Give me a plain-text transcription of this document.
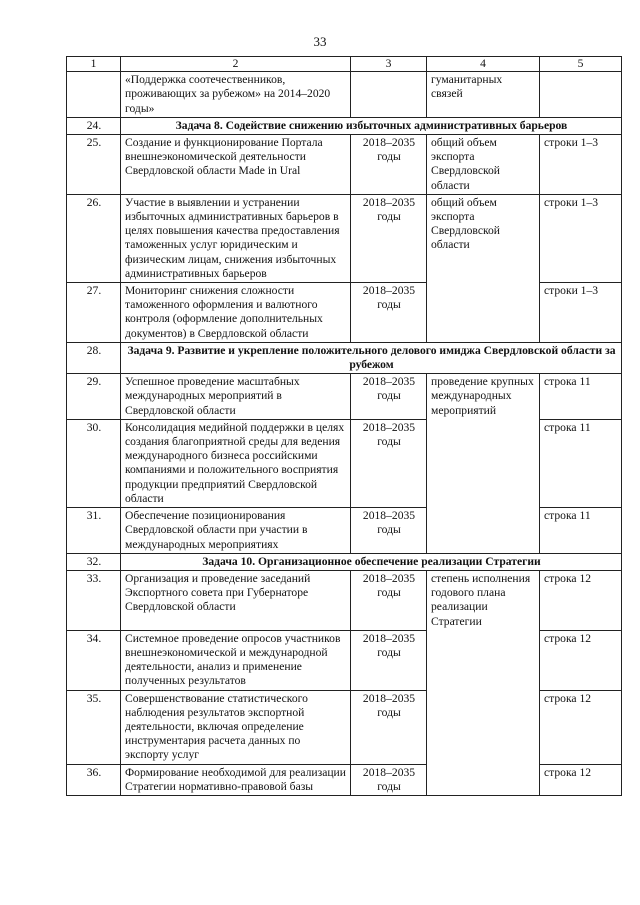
33
1	2	3	4	5
	«Поддержка соотечественников, проживающих за рубежом» на 2014–2020 годы»		гуманитарных связей	
24.	Задача 8. Содействие снижению избыточных административных барьеров			
25.	Создание и функционирование Портала внешнеэкономической деятельности Свердловской области Made in Ural	2018–2035 годы	общий объем экспорта Свердловской области	строки 1–3
26.	Участие в выявлении и устранении избыточных административных барьеров в целях повышения качества предоставления таможенных услуг юридическим и физическим лицам, снижения избыточных административных барьеров	2018–2035 годы	общий объем экспорта Свердловской области	строки 1–3
27.	Мониторинг снижения сложности таможенного оформления и валютного контроля (оформление дополнительных документов) в Свердловской области	2018–2035 годы		строки 1–3
28.	Задача 9. Развитие и укрепление положительного делового имиджа Свердловской области за рубежом			
29.	Успешное проведение масштабных международных мероприятий в Свердловской области	2018–2035 годы	проведение крупных международных мероприятий	строка 11
30.	Консолидация медийной поддержки в целях создания благоприятной среды для ведения международного бизнеса российскими компаниями и положительного восприятия продукции предприятий Свердловской области	2018–2035 годы		строка 11
31.	Обеспечение позиционирования Свердловской области при участии в международных мероприятиях	2018–2035 годы		строка 11
32.	Задача 10. Организационное обеспечение реализации Стратегии			
33.	Организация и проведение заседаний Экспортного совета при Губернаторе Свердловской области	2018–2035 годы	степень исполнения годового плана реализации Стратегии	строка 12
34.	Системное проведение опросов участников внешнеэкономической и международной деятельности, анализ и применение полученных результатов	2018–2035 годы		строка 12
35.	Совершенствование статистического наблюдения результатов экспортной деятельности, включая определение инструментария расчета данных по экспорту услуг	2018–2035 годы		строка 12
36.	Формирование необходимой для реализации Стратегии нормативно-правовой базы	2018–2035 годы		строка 12
